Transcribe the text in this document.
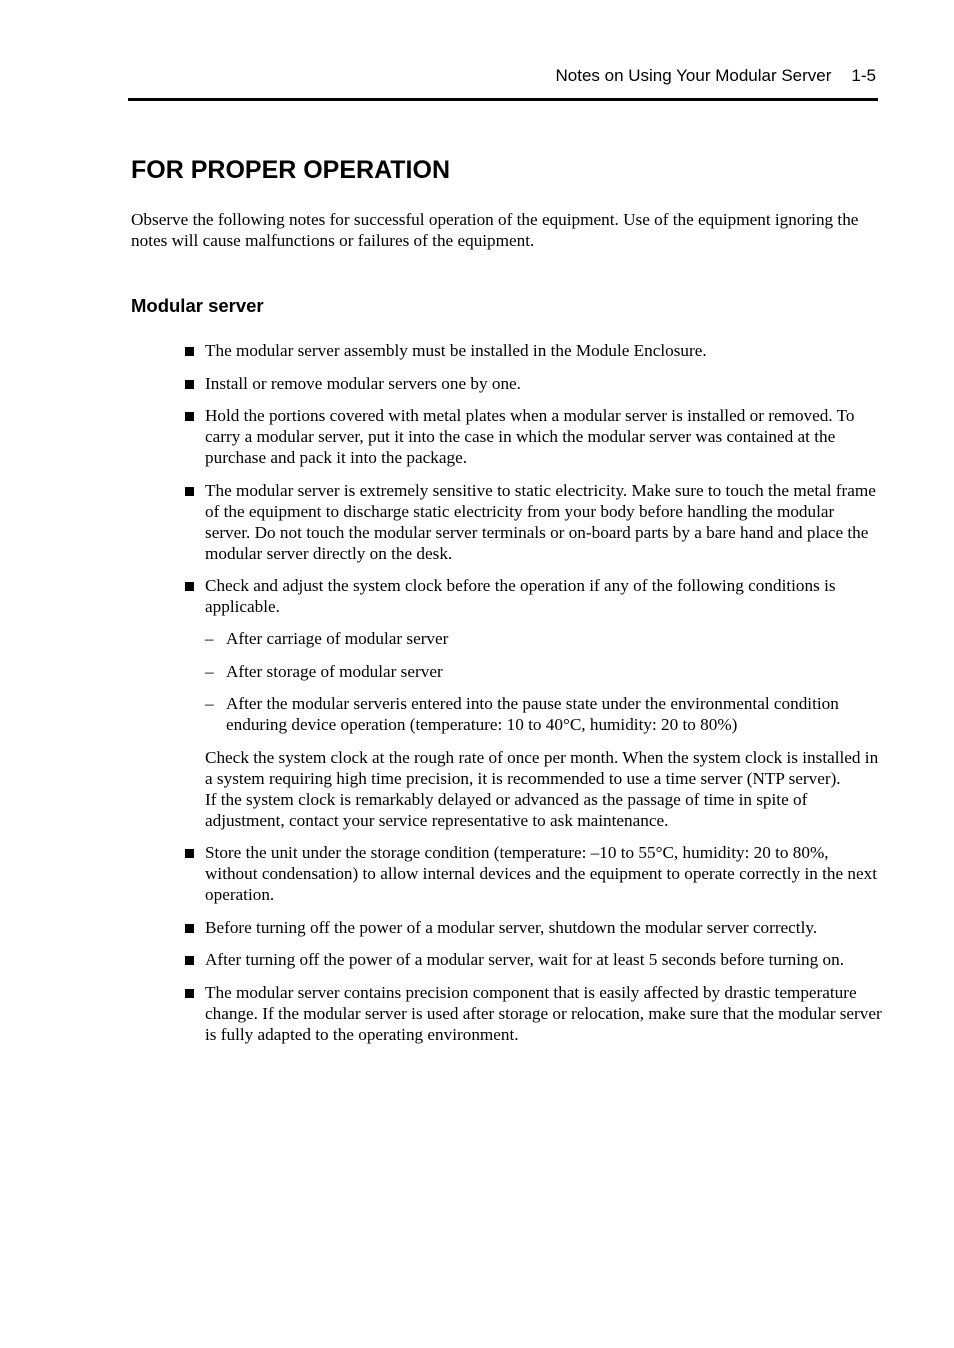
Notes on Using Your Modular Server 1-5
FOR PROPER OPERATION

Observe the following notes for successful operation of the equipment. Use of the equipment ignoring the notes will cause malfunctions or failures of the equipment.

Modular server
The modular server assembly must be installed in the Module Enclosure.
Install or remove modular servers one by one.
Hold the portions covered with metal plates when a modular server is installed or removed. To carry a modular server, put it into the case in which the modular server was contained at the purchase and pack it into the package.
The modular server is extremely sensitive to static electricity. Make sure to touch the metal frame of the equipment to discharge static electricity from your body before handling the modular server. Do not touch the modular server terminals or on-board parts by a bare hand and place the modular server directly on the desk.
Check and adjust the system clock before the operation if any of the following conditions is applicable.
– After carriage of modular server
– After storage of modular server
– After the modular serveris entered into the pause state under the environmental condition enduring device operation (temperature: 10 to 40°C, humidity: 20 to 80%)

Check the system clock at the rough rate of once per month. When the system clock is installed in a system requiring high time precision, it is recommended to use a time server (NTP server).

If the system clock is remarkably delayed or advanced as the passage of time in spite of adjustment, contact your service representative to ask maintenance.

Store the unit under the storage condition (temperature: –10 to 55°C, humidity: 20 to 80%, without condensation) to allow internal devices and the equipment to operate correctly in the next operation.
Before turning off the power of a modular server, shutdown the modular server correctly.
After turning off the power of a modular server, wait for at least 5 seconds before turning on.
The modular server contains precision component that is easily affected by drastic temperature change. If the modular server is used after storage or relocation, make sure that the modular server is fully adapted to the operating environment.
